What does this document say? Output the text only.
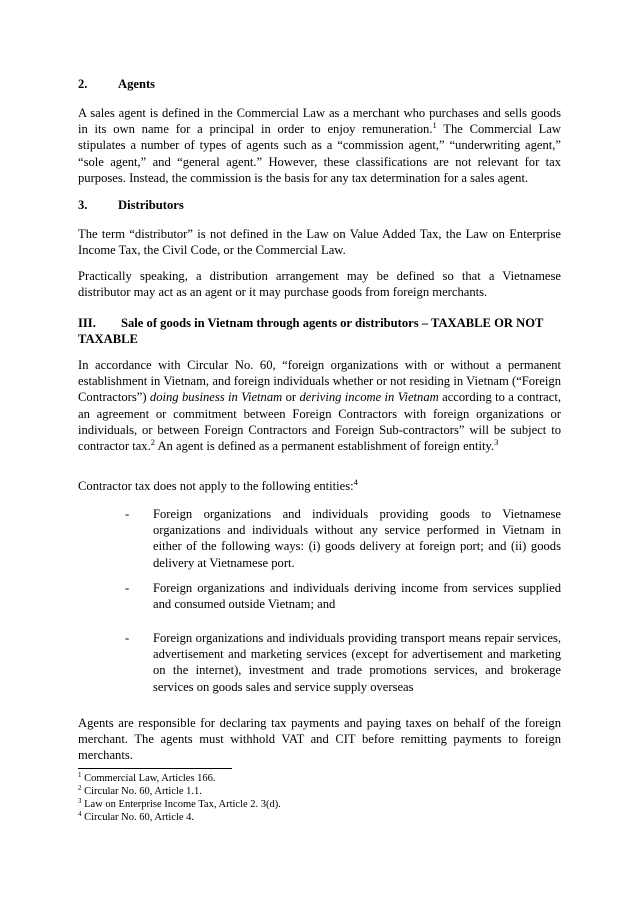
2. Agents
A sales agent is defined in the Commercial Law as a merchant who purchases and sells goods in its own name for a principal in order to enjoy remuneration.$^1$ The Commercial Law stipulates a number of types of agents such as a “commission agent,” “underwriting agent,” “sole agent,” and “general agent.” However, these classifications are not relevant for tax purposes. Instead, the commission is the basis for any tax determination for a sales agent.
3. Distributors
The term “distributor” is not defined in the Law on Value Added Tax, the Law on Enterprise Income Tax, the Civil Code, or the Commercial Law.
Practically speaking, a distribution arrangement may be defined so that a Vietnamese distributor may act as an agent or it may purchase goods from foreign merchants.
III. Sale of goods in Vietnam through agents or distributors – TAXABLE OR NOT TAXABLE
In accordance with Circular No. 60, “foreign organizations with or without a permanent establishment in Vietnam, and foreign individuals whether or not residing in Vietnam (“Foreign Contractors”) doing business in Vietnam or deriving income in Vietnam according to a contract, an agreement or commitment between Foreign Contractors with foreign organizations or individuals, or between Foreign Contractors and Foreign Sub-contractors” will be subject to contractor tax.$^2$ An agent is defined as a permanent establishment of foreign entity.$^3$
Contractor tax does not apply to the following entities:$^4$
- Foreign organizations and individuals providing goods to Vietnamese organizations and individuals without any service performed in Vietnam in either of the following ways: (i) goods delivery at foreign port; and (ii) goods delivery at Vietnamese port.
- Foreign organizations and individuals deriving income from services supplied and consumed outside Vietnam; and
- Foreign organizations and individuals providing transport means repair services, advertisement and marketing services (except for advertisement and marketing on the internet), investment and trade promotions services, and brokerage services on goods sales and service supply overseas
Agents are responsible for declaring tax payments and paying taxes on behalf of the foreign merchant. The agents must withhold VAT and CIT before remitting payments to foreign merchants.
$^1$ Commercial Law, Articles 166.
$^2$ Circular No. 60, Article 1.1.
$^3$ Law on Enterprise Income Tax, Article 2. 3(d).
$^4$ Circular No. 60, Article 4.
